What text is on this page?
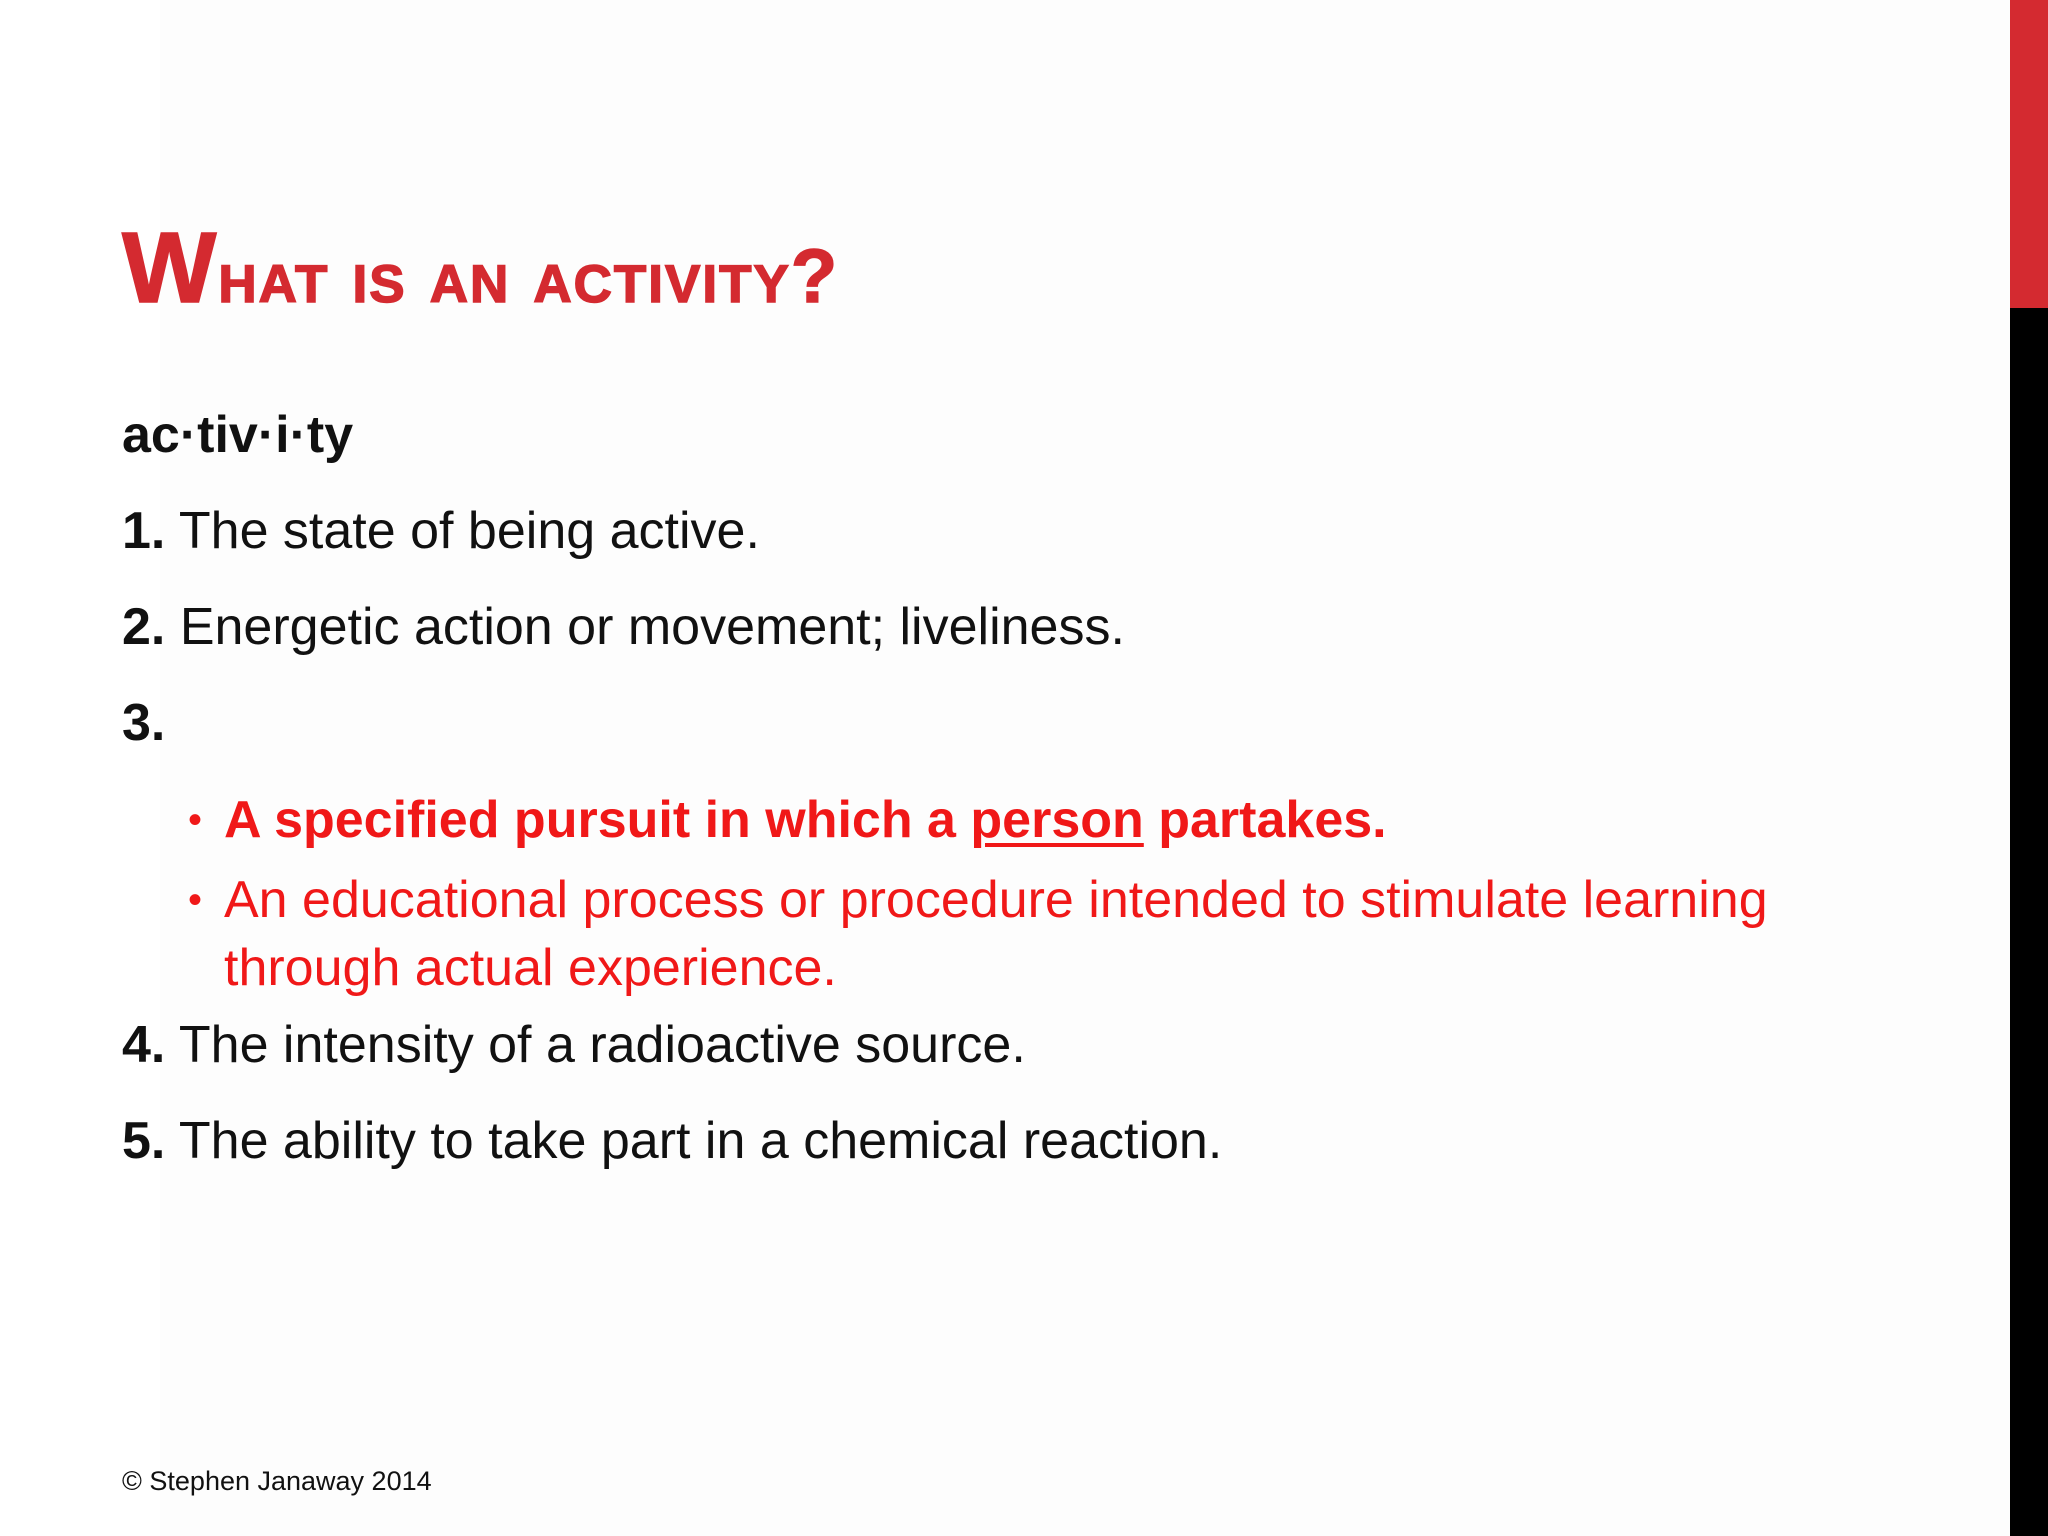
What is an activity?
ac·tiv·i·ty
1. The state of being active.
2. Energetic action or movement; liveliness.
3.
• A specified pursuit in which a person partakes.
• An educational process or procedure intended to stimulate learning through actual experience.
4. The intensity of a radioactive source.
5. The ability to take part in a chemical reaction.
© Stephen Janaway 2014
